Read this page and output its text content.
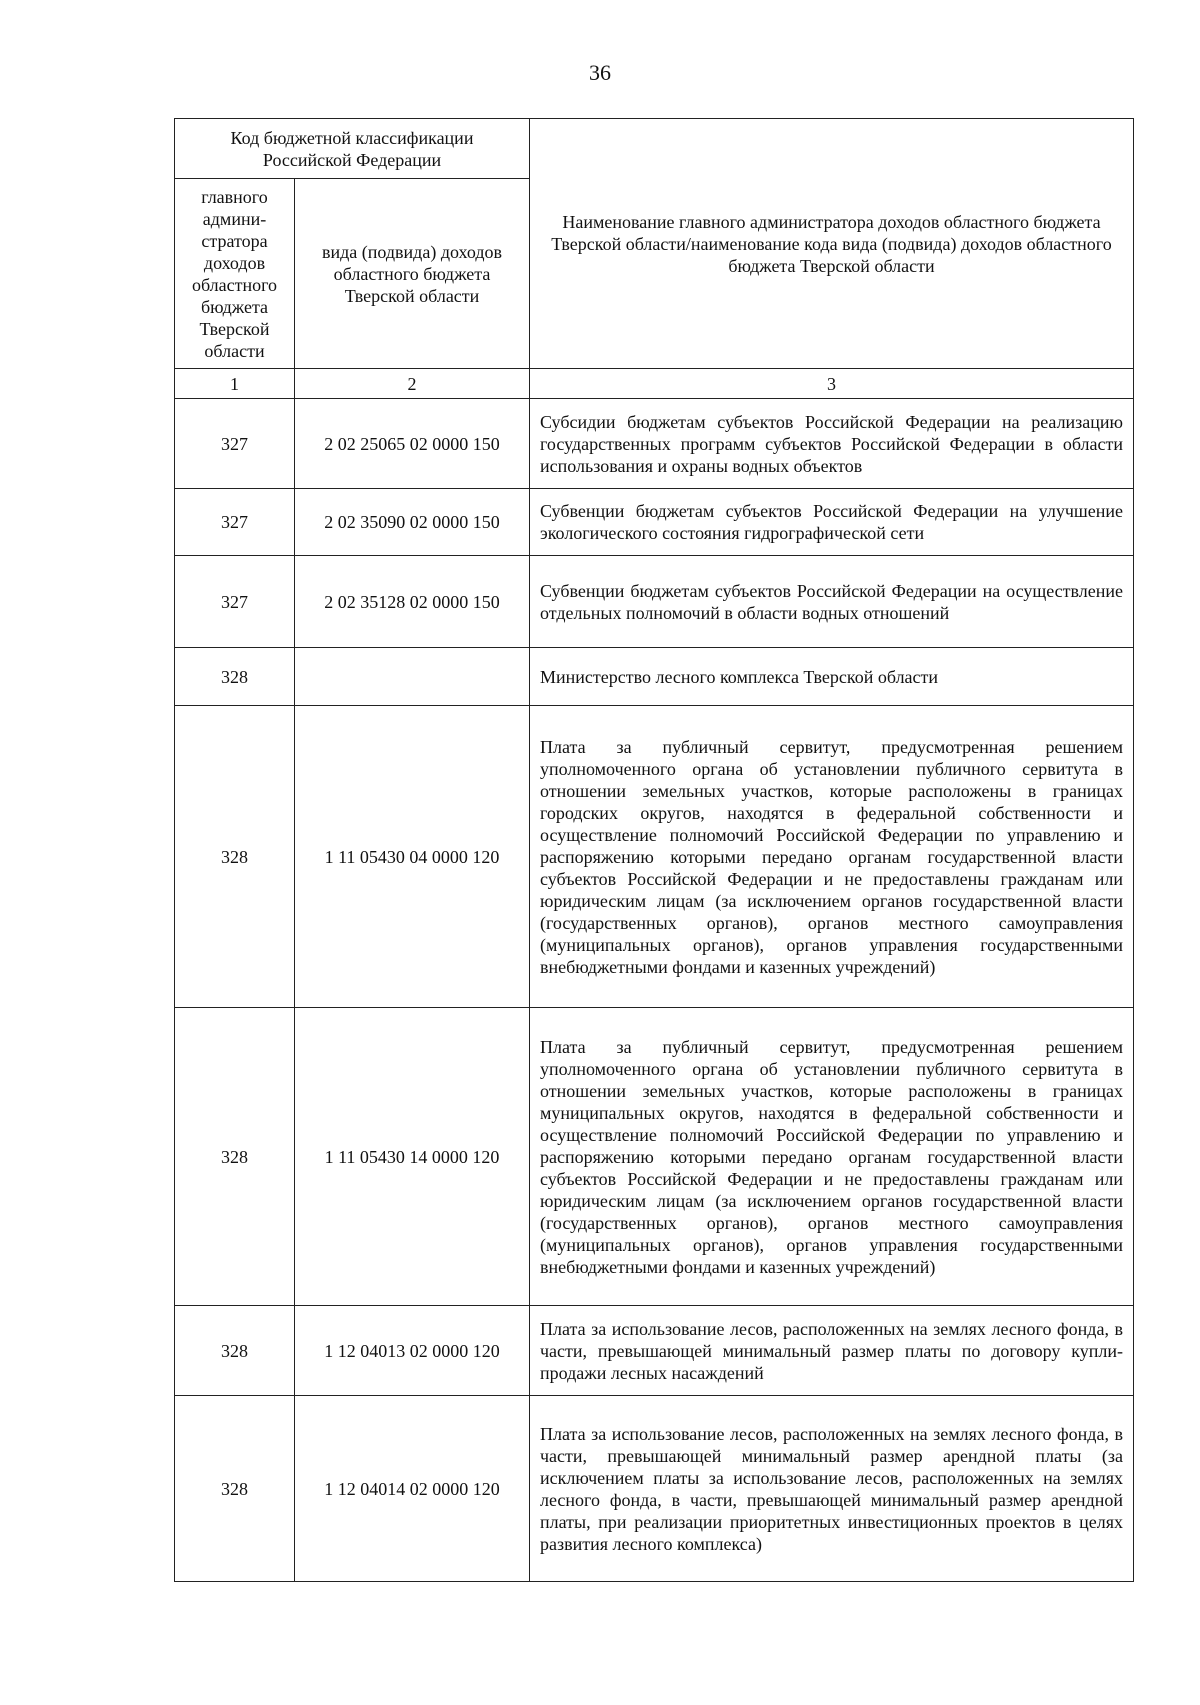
36
Код бюджетной классификации Российской Федерации		Наименование главного администратора доходов областного бюджета Тверской области/наименование кода вида (подвида) доходов областного бюджета Тверской области
главного админи-стратора доходов областного бюджета Тверской области	вида (подвида) доходов областного бюджета Тверской области	
1	2	3
327	2 02 25065 02 0000 150	Субсидии бюджетам субъектов Российской Федерации на реализацию государственных программ субъектов Российской Федерации в области использования и охраны водных объектов
327	2 02 35090 02 0000 150	Субвенции бюджетам субъектов Российской Федерации на улучшение экологического состояния гидрографической сети
327	2 02 35128 02 0000 150	Субвенции бюджетам субъектов Российской Федерации на осуществление отдельных полномочий в области водных отношений
328		Министерство лесного комплекса Тверской области
328	1 11 05430 04 0000 120	Плата за публичный сервитут, предусмотренная решением уполномоченного органа об установлении публичного сервитута в отношении земельных участков, которые расположены в границах городских округов, находятся в федеральной собственности и осуществление полномочий Российской Федерации по управлению и распоряжению которыми передано органам государственной власти субъектов Российской Федерации и не предоставлены гражданам или юридическим лицам (за исключением органов государственной власти (государственных органов), органов местного самоуправления (муниципальных органов), органов управления государственными внебюджетными фондами и казенных учреждений)
328	1 11 05430 14 0000 120	Плата за публичный сервитут, предусмотренная решением уполномоченного органа об установлении публичного сервитута в отношении земельных участков, которые расположены в границах муниципальных округов, находятся в федеральной собственности и осуществление полномочий Российской Федерации по управлению и распоряжению которыми передано органам государственной власти субъектов Российской Федерации и не предоставлены гражданам или юридическим лицам (за исключением органов государственной власти (государственных органов), органов местного самоуправления (муниципальных органов), органов управления государственными внебюджетными фондами и казенных учреждений)
328	1 12 04013 02 0000 120	Плата за использование лесов, расположенных на землях лесного фонда, в части, превышающей минимальный размер платы по договору купли-продажи лесных насаждений
328	1 12 04014 02 0000 120	Плата за использование лесов, расположенных на землях лесного фонда, в части, превышающей минимальный размер арендной платы (за исключением платы за использование лесов, расположенных на землях лесного фонда, в части, превышающей минимальный размер арендной платы, при реализации приоритетных инвестиционных проектов в целях развития лесного комплекса)
